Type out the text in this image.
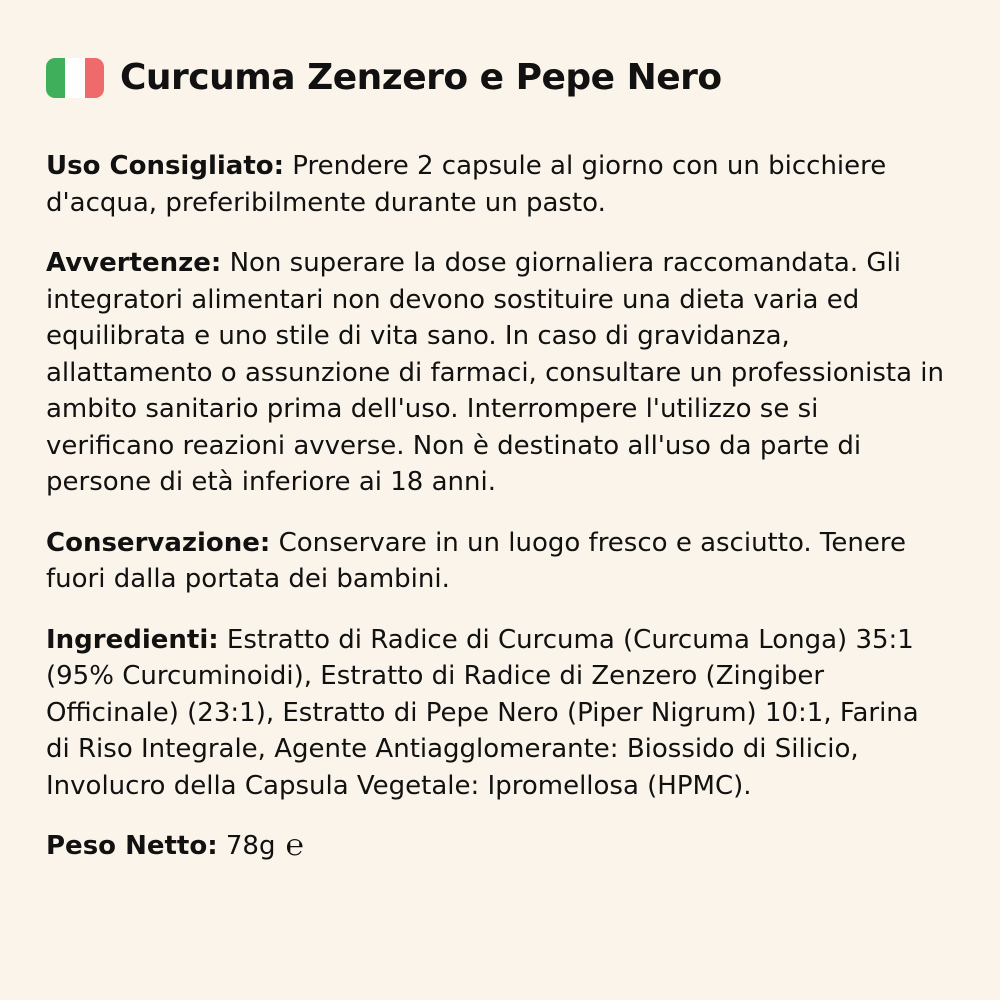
Curcuma Zenzero e Pepe Nero

Uso Consigliato: Prendere 2 capsule al giorno con un bicchiere d'acqua, preferibilmente durante un pasto.

Avvertenze: Non superare la dose giornaliera raccomandata. Gli integratori alimentari non devono sostituire una dieta varia ed equilibrata e uno stile di vita sano. In caso di gravidanza, allattamento o assunzione di farmaci, consultare un professionista in ambito sanitario prima dell'uso. Interrompere l'utilizzo se si verificano reazioni avverse. Non è destinato all'uso da parte di persone di età inferiore ai 18 anni.

Conservazione: Conservare in un luogo fresco e asciutto. Tenere fuori dalla portata dei bambini.

Ingredienti: Estratto di Radice di Curcuma (Curcuma Longa) 35:1 (95% Curcuminoidi), Estratto di Radice di Zenzero (Zingiber Officinale) (23:1), Estratto di Pepe Nero (Piper Nigrum) 10:1, Farina di Riso Integrale, Agente Antiagglomerante: Biossido di Silicio, Involucro della Capsula Vegetale: Ipromellosa (HPMC).

Peso Netto: 78g ℮
